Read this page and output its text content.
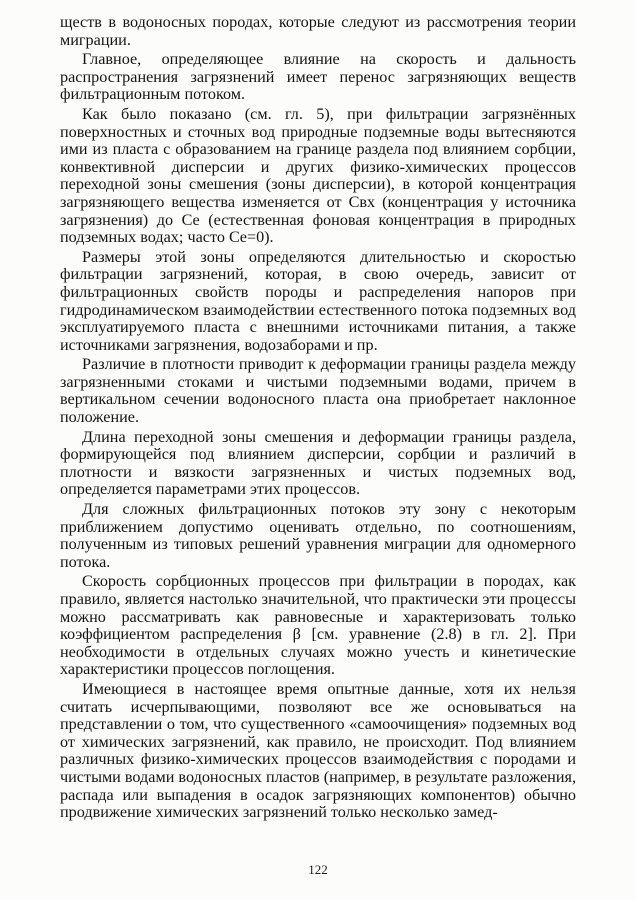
ществ в водоносных породах, которые следуют из рассмотрения теории миграции.

Главное, определяющее влияние на скорость и дальность распространения загрязнений имеет перенос загрязняющих веществ фильтрационным потоком.

Как было показано (см. гл. 5), при фильтрации загрязнённых поверхностных и сточных вод природные подземные воды вытесняются ими из пласта с образованием на границе раздела под влиянием сорбции, конвективной дисперсии и других физико-химических процессов переходной зоны смешения (зоны дисперсии), в которой концентрация загрязняющего вещества изменяется от Cвх (концентрация у источника загрязнения) до Ce (естественная фоновая концентрация в природных подземных водах; часто Ce=0).

Размеры этой зоны определяются длительностью и скоростью фильтрации загрязнений, которая, в свою очередь, зависит от фильтрационных свойств породы и распределения напоров при гидродинамическом взаимодействии естественного потока подземных вод эксплуатируемого пласта с внешними источниками питания, а также источниками загрязнения, водозаборами и пр.

Различие в плотности приводит к деформации границы раздела между загрязненными стоками и чистыми подземными водами, причем в вертикальном сечении водоносного пласта она приобретает наклонное положение.

Длина переходной зоны смешения и деформации границы раздела, формирующейся под влиянием дисперсии, сорбции и различий в плотности и вязкости загрязненных и чистых подземных вод, определяется параметрами этих процессов.

Для сложных фильтрационных потоков эту зону с некоторым приближением допустимо оценивать отдельно, по соотношениям, полученным из типовых решений уравнения миграции для одномерного потока.

Скорость сорбционных процессов при фильтрации в породах, как правило, является настолько значительной, что практически эти процессы можно рассматривать как равновесные и характеризовать только коэффициентом распределения β [см. уравнение (2.8) в гл. 2]. При необходимости в отдельных случаях можно учесть и кинетические характеристики процессов поглощения.

Имеющиеся в настоящее время опытные данные, хотя их нельзя считать исчерпывающими, позволяют все же основываться на представлении о том, что существенного «самоочищения» подземных вод от химических загрязнений, как правило, не происходит. Под влиянием различных физико-химических процессов взаимодействия с породами и чистыми водами водоносных пластов (например, в результате разложения, распада или выпадения в осадок загрязняющих компонентов) обычно продвижение химических загрязнений только несколько замед-

122
